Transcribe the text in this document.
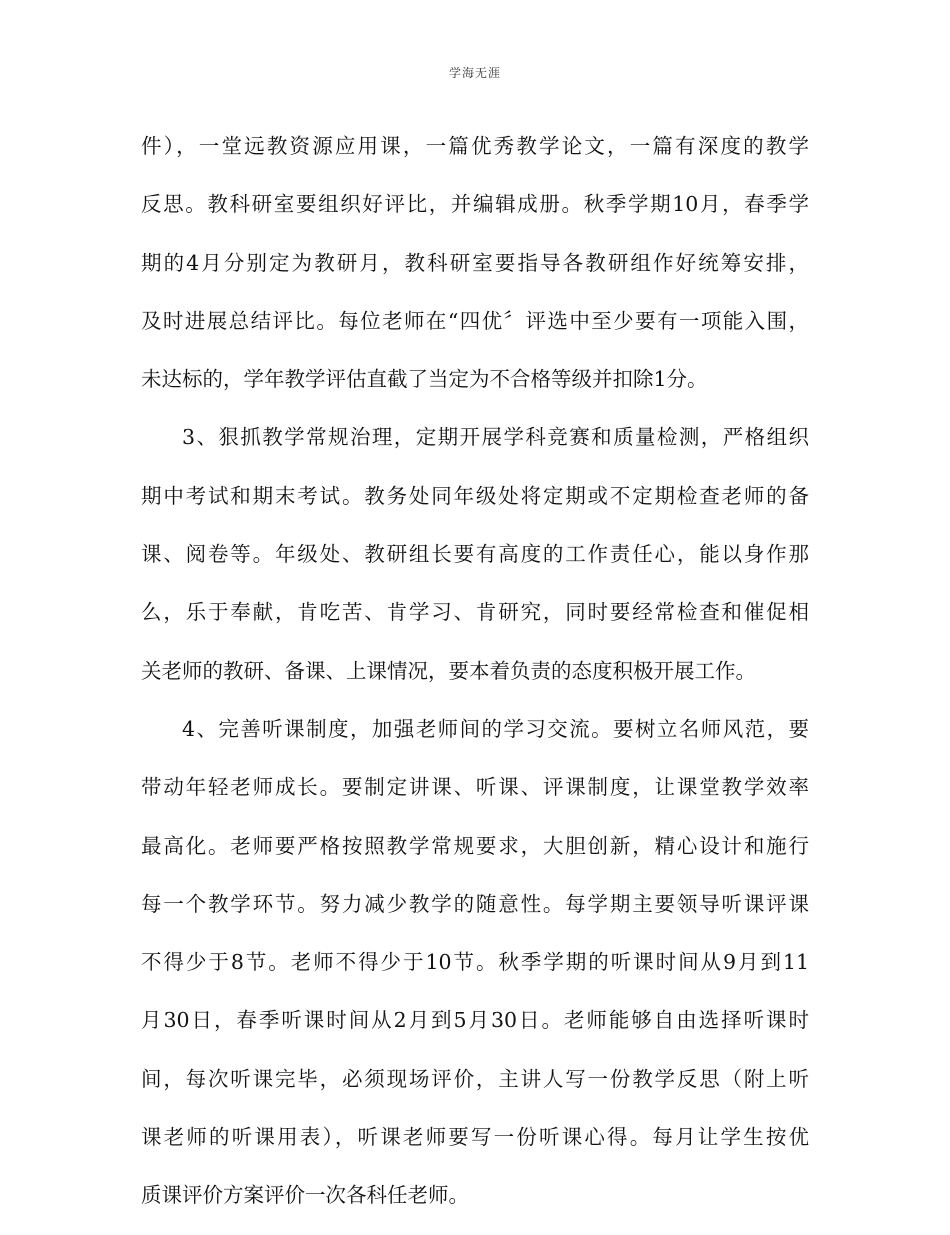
学海无涯
件），一堂远教资源应用课，一篇优秀教学论文，一篇有深度的教学
反思。教科研室要组织好评比，并编辑成册。秋季学期10月，春季学
期的4月分别定为教研月，教科研室要指导各教研组作好统筹安排，
及时进展总结评比。每位老师在“四优〞评选中至少要有一项能入围，
未达标的，学年教学评估直截了当定为不合格等级并扣除1分。
3、狠抓教学常规治理，定期开展学科竞赛和质量检测，严格组织
期中考试和期末考试。教务处同年级处将定期或不定期检查老师的备
课、阅卷等。年级处、教研组长要有高度的工作责任心，能以身作那
么，乐于奉献，肯吃苦、肯学习、肯研究，同时要经常检查和催促相
关老师的教研、备课、上课情况，要本着负责的态度积极开展工作。
4、完善听课制度，加强老师间的学习交流。要树立名师风范，要
带动年轻老师成长。要制定讲课、听课、评课制度，让课堂教学效率
最高化。老师要严格按照教学常规要求，大胆创新，精心设计和施行
每一个教学环节。努力减少教学的随意性。每学期主要领导听课评课
不得少于8节。老师不得少于10节。秋季学期的听课时间从9月到11
月30日，春季听课时间从2月到5月30日。老师能够自由选择听课时
间，每次听课完毕，必须现场评价，主讲人写一份教学反思（附上听
课老师的听课用表），听课老师要写一份听课心得。每月让学生按优
质课评价方案评价一次各科任老师。
